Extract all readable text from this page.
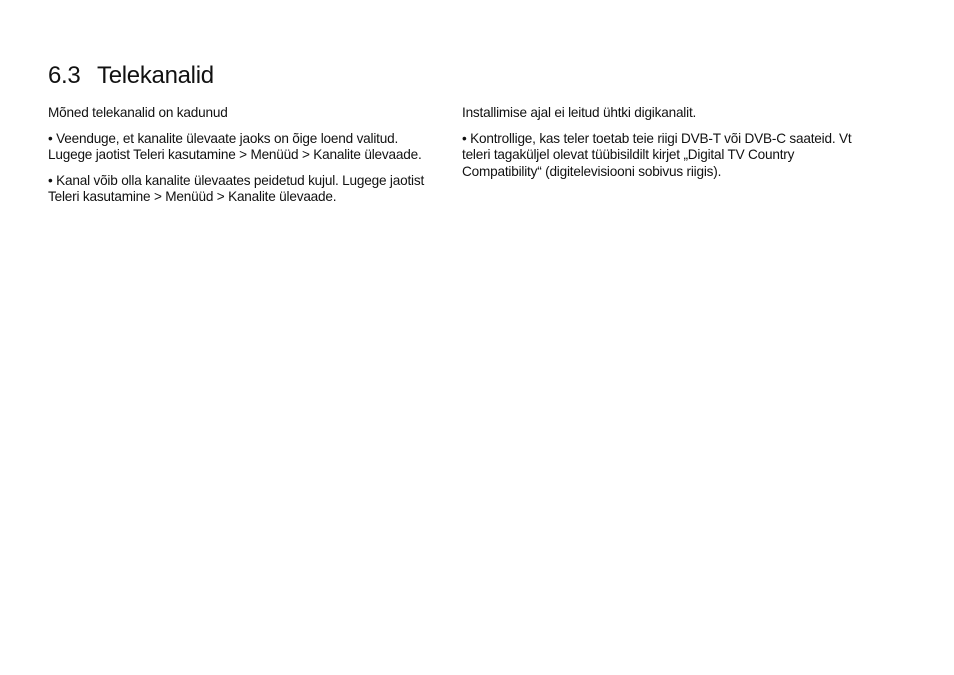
6.3 Telekanalid

Mõned telekanalid on kadunud

• Veenduge, et kanalite ülevaate jaoks on õige loend valitud. Lugege jaotist Teleri kasutamine > Menüüd > Kanalite ülevaade.

• Kanal võib olla kanalite ülevaates peidetud kujul. Lugege jaotist Teleri kasutamine > Menüüd > Kanalite ülevaade.

Installimise ajal ei leitud ühtki digikanalit.

• Kontrollige, kas teler toetab teie riigi DVB-T või DVB-C saateid. Vt teleri tagaküljel olevat tüübisildilt kirjet „Digital TV Country Compatibility“ (digitelevisiooni sobivus riigis).
